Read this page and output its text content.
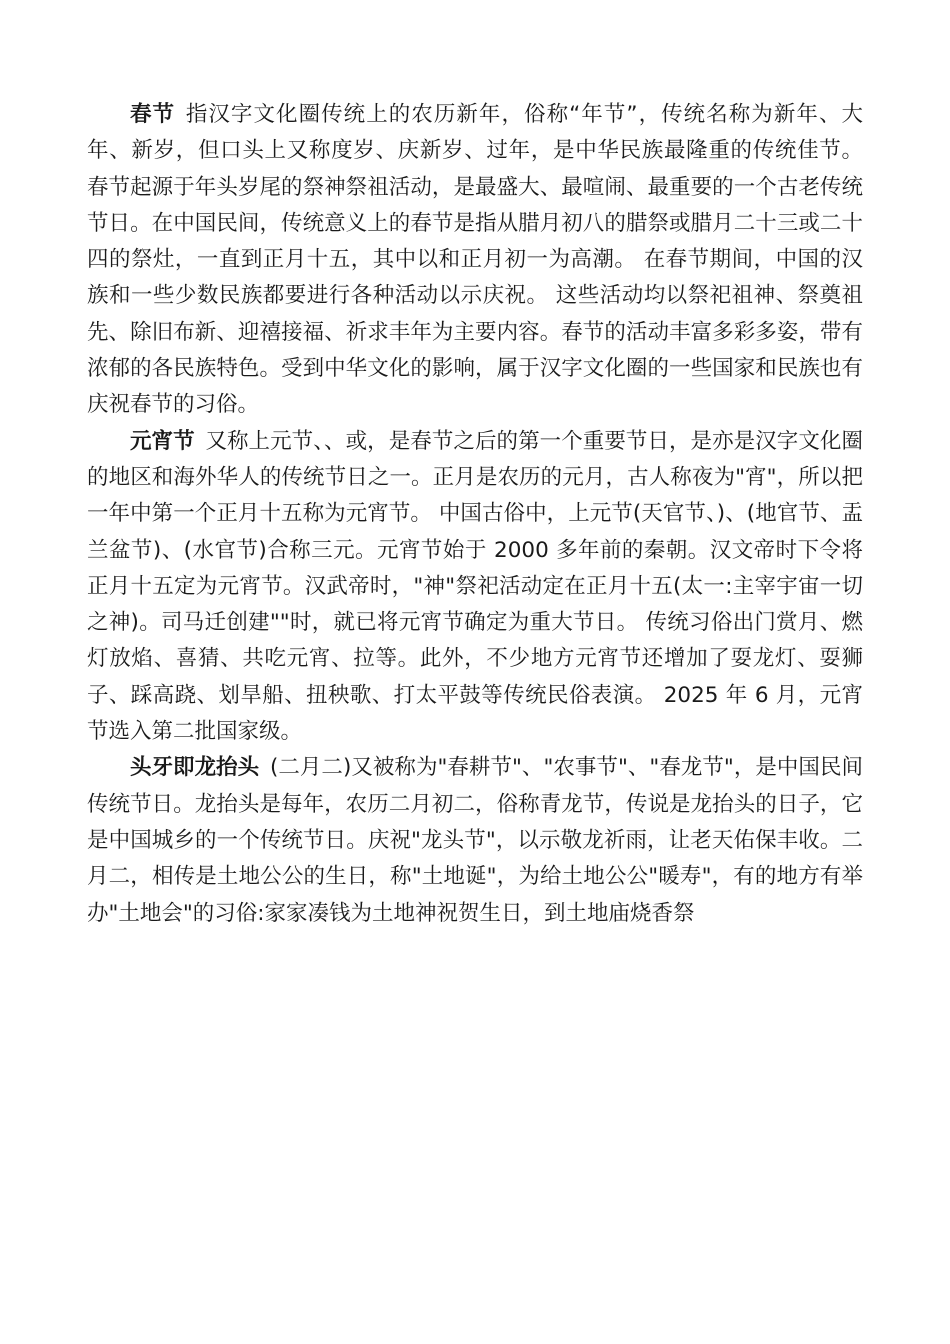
春节 指汉字文化圈传统上的农历新年，俗称“年节”，传统名称为新年、大年、新岁，但口头上又称度岁、庆新岁、过年，是中华民族最隆重的传统佳节。 春节起源于年头岁尾的祭神祭祖活动，是最盛大、最喧闹、最重要的一个古老传统节日。在中国民间，传统意义上的春节是指从腊月初八的腊祭或腊月二十三或二十四的祭灶，一直到正月十五，其中以和正月初一为高潮。 在春节期间，中国的汉族和一些少数民族都要进行各种活动以示庆祝。 这些活动均以祭祀祖神、祭奠祖先、除旧布新、迎禧接福、祈求丰年为主要内容。春节的活动丰富多彩多姿，带有浓郁的各民族特色。受到中华文化的影响，属于汉字文化圈的一些国家和民族也有庆祝春节的习俗。

元宵节 又称上元节、、或，是春节之后的第一个重要节日，是亦是汉字文化圈的地区和海外华人的传统节日之一。正月是农历的元月，古人称夜为"宵"，所以把一年中第一个正月十五称为元宵节。 中国古俗中，上元节(天官节、)、(地官节、盂兰盆节)、(水官节)合称三元。元宵节始于 2000 多年前的秦朝。汉文帝时下令将正月十五定为元宵节。汉武帝时，"神"祭祀活动定在正月十五(太一:主宰宇宙一切之神)。司马迁创建""时，就已将元宵节确定为重大节日。 传统习俗出门赏月、燃灯放焰、喜猜、共吃元宵、拉等。此外，不少地方元宵节还增加了耍龙灯、耍狮子、踩高跷、划旱船、扭秧歌、打太平鼓等传统民俗表演。 2025 年 6 月，元宵节选入第二批国家级。

头牙即龙抬头 (二月二)又被称为"春耕节"、"农事节"、"春龙节"，是中国民间传统节日。龙抬头是每年，农历二月初二，俗称青龙节，传说是龙抬头的日子，它是中国城乡的一个传统节日。庆祝"龙头节"，以示敬龙祈雨，让老天佑保丰收。二月二，相传是土地公公的生日，称"土地诞"，为给土地公公"暖寿"，有的地方有举办"土地会"的习俗:家家凑钱为土地神祝贺生日，到土地庙烧香祭
